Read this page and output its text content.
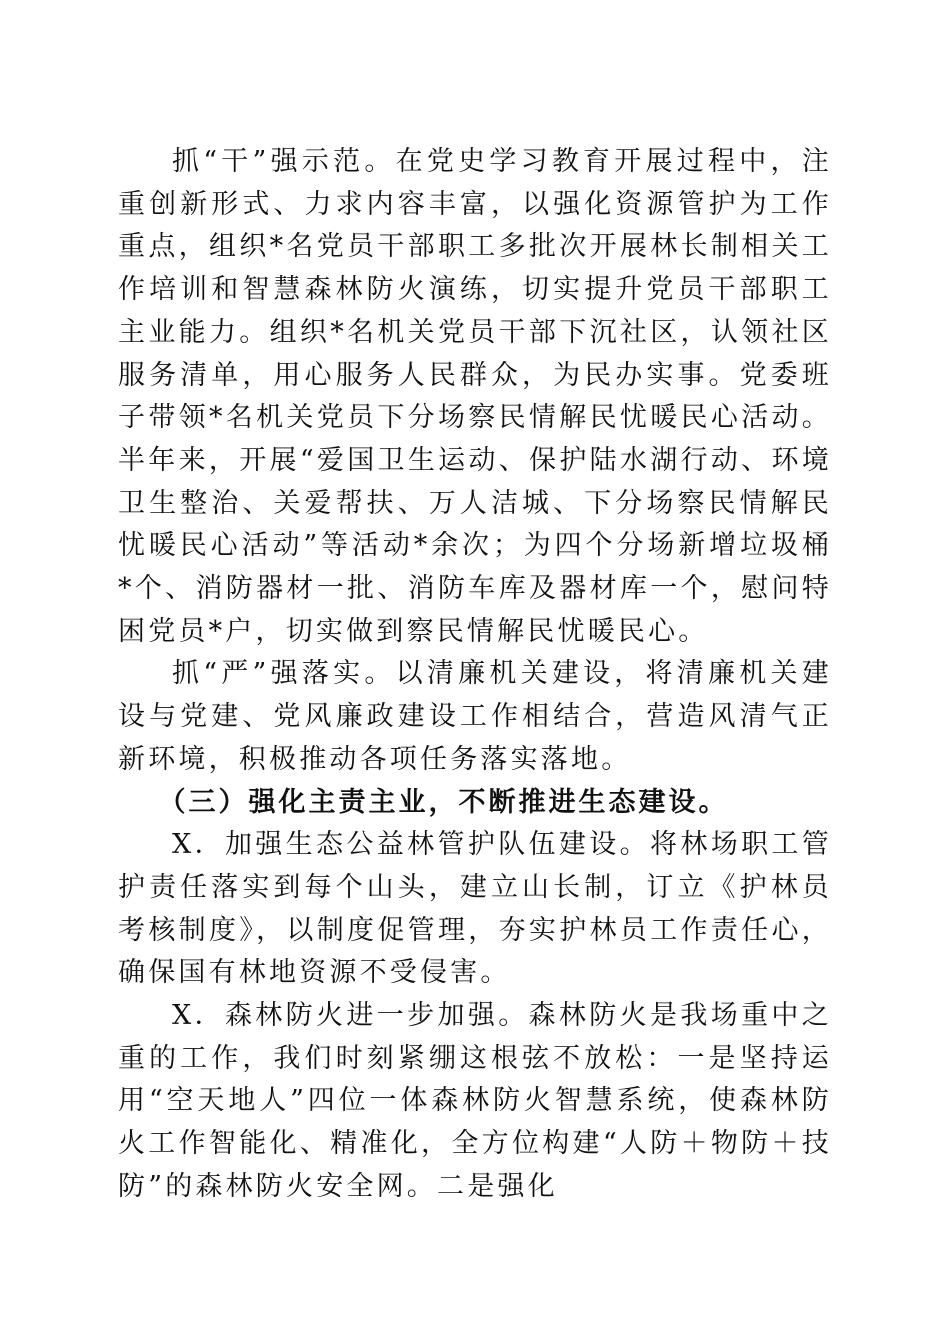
抓“干”强示范。在党史学习教育开展过程中，注重创新形式、力求内容丰富，以强化资源管护为工作重点，组织*名党员干部职工多批次开展林长制相关工作培训和智慧森林防火演练，切实提升党员干部职工主业能力。组织*名机关党员干部下沉社区，认领社区服务清单，用心服务人民群众，为民办实事。党委班子带领*名机关党员下分场察民情解民忧暖民心活动。半年来，开展“爱国卫生运动、保护陆水湖行动、环境卫生整治、关爱帮扶、万人洁城、下分场察民情解民忧暖民心活动”等活动*余次；为四个分场新增垃圾桶*个、消防器材一批、消防车库及器材库一个，慰问特困党员*户，切实做到察民情解民忧暖民心。

抓“严”强落实。以清廉机关建设，将清廉机关建设与党建、党风廉政建设工作相结合，营造风清气正新环境，积极推动各项任务落实落地。

（三）强化主责主业，不断推进生态建设。

X．加强生态公益林管护队伍建设。将林场职工管护责任落实到每个山头，建立山长制，订立《护林员考核制度》，以制度促管理，夯实护林员工作责任心，确保国有林地资源不受侵害。

X．森林防火进一步加强。森林防火是我场重中之重的工作，我们时刻紧绷这根弦不放松：一是坚持运用“空天地人”四位一体森林防火智慧系统，使森林防火工作智能化、精准化，全方位构建“人防＋物防＋技防”的森林防火安全网。二是强化
